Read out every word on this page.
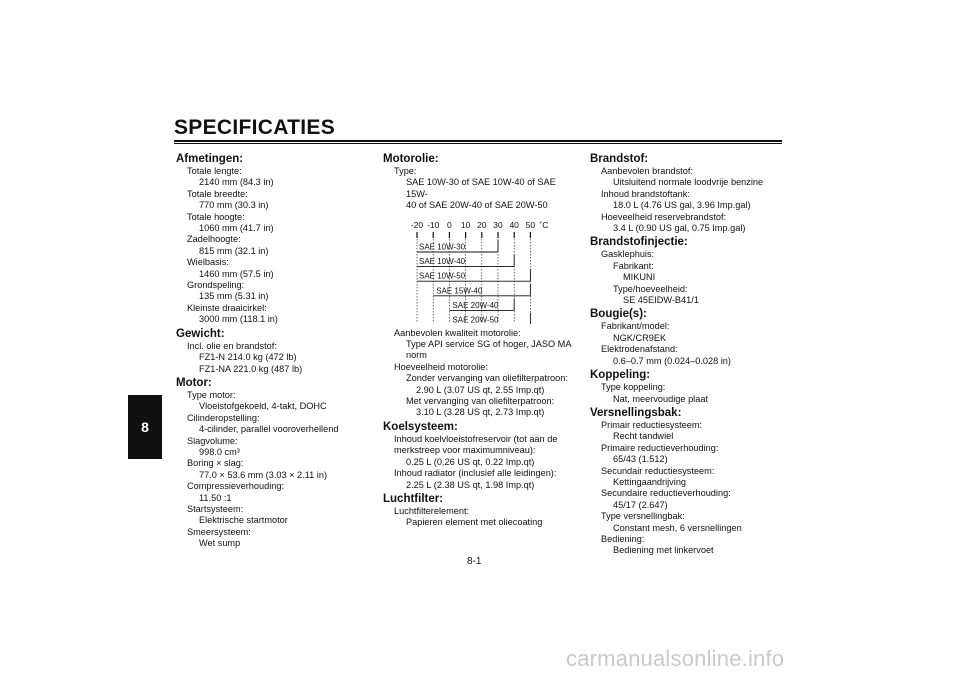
SPECIFICATIES
8
Afmetingen:
Totale lengte:
2140 mm (84.3 in)
Totale breedte:
770 mm (30.3 in)
Totale hoogte:
1060 mm (41.7 in)
Zadelhoogte:
815 mm (32.1 in)
Wielbasis:
1460 mm (57.5 in)
Grondspeling:
135 mm (5.31 in)
Kleinste draaicirkel:
3000 mm (118.1 in)
Gewicht:
Incl. olie en brandstof:
FZ1-N 214.0 kg (472 lb)
FZ1-NA 221.0 kg (487 lb)
Motor:
Type motor:
Vloeistofgekoeld, 4-takt, DOHC
Cilinderopstelling:
4-cilinder, parallel vooroverhellend
Slagvolume:
998.0 cm³
Boring × slag:
77.0 × 53.6 mm (3.03 × 2.11 in)
Compressieverhouding:
11.50 :1
Startsysteem:
Elektrische startmotor
Smeersysteem:
Wet sump
Motorolie:
Type:
SAE 10W-30 of SAE 10W-40 of SAE 15W-
40 of SAE 20W-40 of SAE 20W-50
-20 -10 0 10 20 30 40 50 ˚C
SAE 10W-30
SAE 10W-40
SAE 10W-50
SAE 15W-40
SAE 20W-40
SAE 20W-50
Aanbevolen kwaliteit motorolie:
Type API service SG of hoger, JASO MA
norm
Hoeveelheid motorolie:
Zonder vervanging van oliefilterpatroon:
2.90 L (3.07 US qt, 2.55 Imp.qt)
Met vervanging van oliefilterpatroon:
3.10 L (3.28 US qt, 2.73 Imp.qt)
Koelsysteem:
Inhoud koelvloeistofreservoir (tot aan de
merkstreep voor maximumniveau):
0.25 L (0.26 US qt, 0.22 Imp.qt)
Inhoud radiator (inclusief alle leidingen):
2.25 L (2.38 US qt, 1.98 Imp.qt)
Luchtfilter:
Luchtfilterelement:
Papieren element met oliecoating
Brandstof:
Aanbevolen brandstof:
Uitsluitend normale loodvrije benzine
Inhoud brandstoftank:
18.0 L (4.76 US gal, 3.96 Imp.gal)
Hoeveelheid reservebrandstof:
3.4 L (0.90 US gal, 0.75 Imp.gal)
Brandstofinjectie:
Gasklephuis:
Fabrikant:
MIKUNI
Type/hoeveelheid:
SE 45EIDW-B41/1
Bougie(s):
Fabrikant/model:
NGK/CR9EK
Elektrodenafstand:
0.6–0.7 mm (0.024–0.028 in)
Koppeling:
Type koppeling:
Nat, meervoudige plaat
Versnellingsbak:
Primair reductiesysteem:
Recht tandwiel
Primaire reductieverhouding:
65/43 (1.512)
Secundair reductiesysteem:
Kettingaandrijving
Secundaire reductieverhouding:
45/17 (2.647)
Type versnellingbak:
Constant mesh, 6 versnellingen
Bediening:
Bediening met linkervoet
8-1
carmanualsonline.info
